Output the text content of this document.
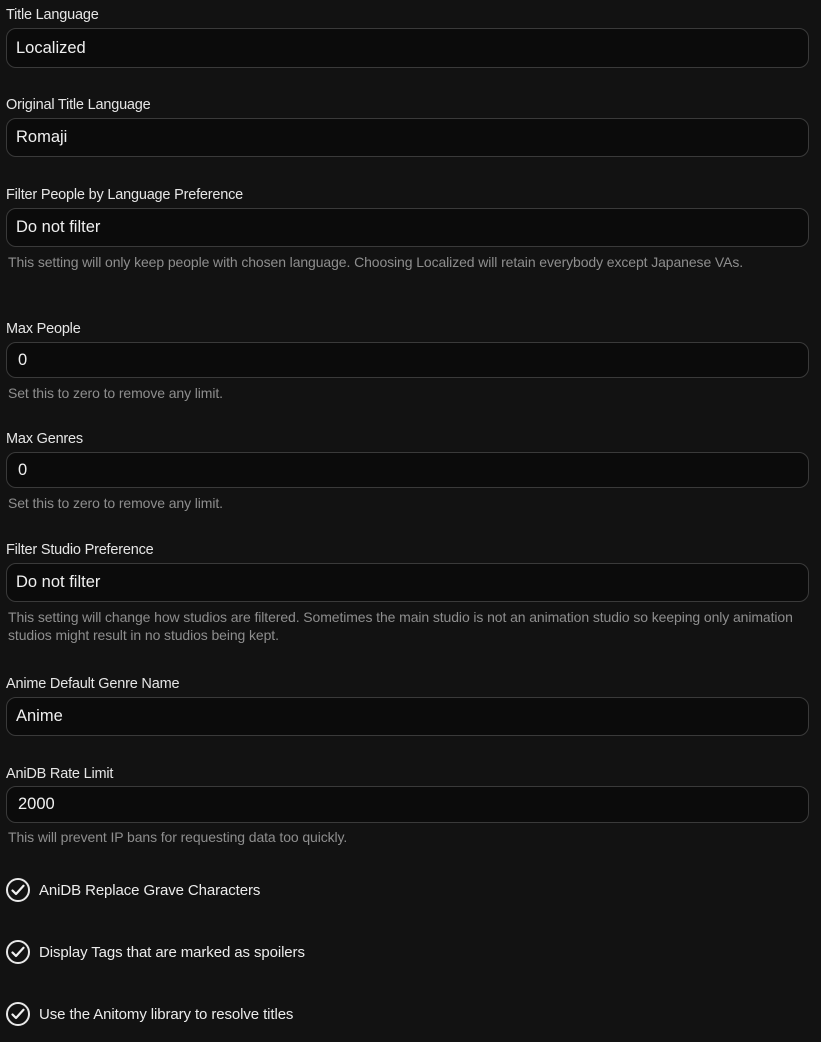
Title Language
Localized
Original Title Language
Romaji
Filter People by Language Preference
Do not filter
This setting will only keep people with chosen language. Choosing Localized will retain everybody except Japanese VAs.
Max People
0
Set this to zero to remove any limit.
Max Genres
0
Set this to zero to remove any limit.
Filter Studio Preference
Do not filter
This setting will change how studios are filtered. Sometimes the main studio is not an animation studio so keeping only animation studios might result in no studios being kept.
Anime Default Genre Name
Anime
AniDB Rate Limit
2000
This will prevent IP bans for requesting data too quickly.
AniDB Replace Grave Characters
Display Tags that are marked as spoilers
Use the Anitomy library to resolve titles
